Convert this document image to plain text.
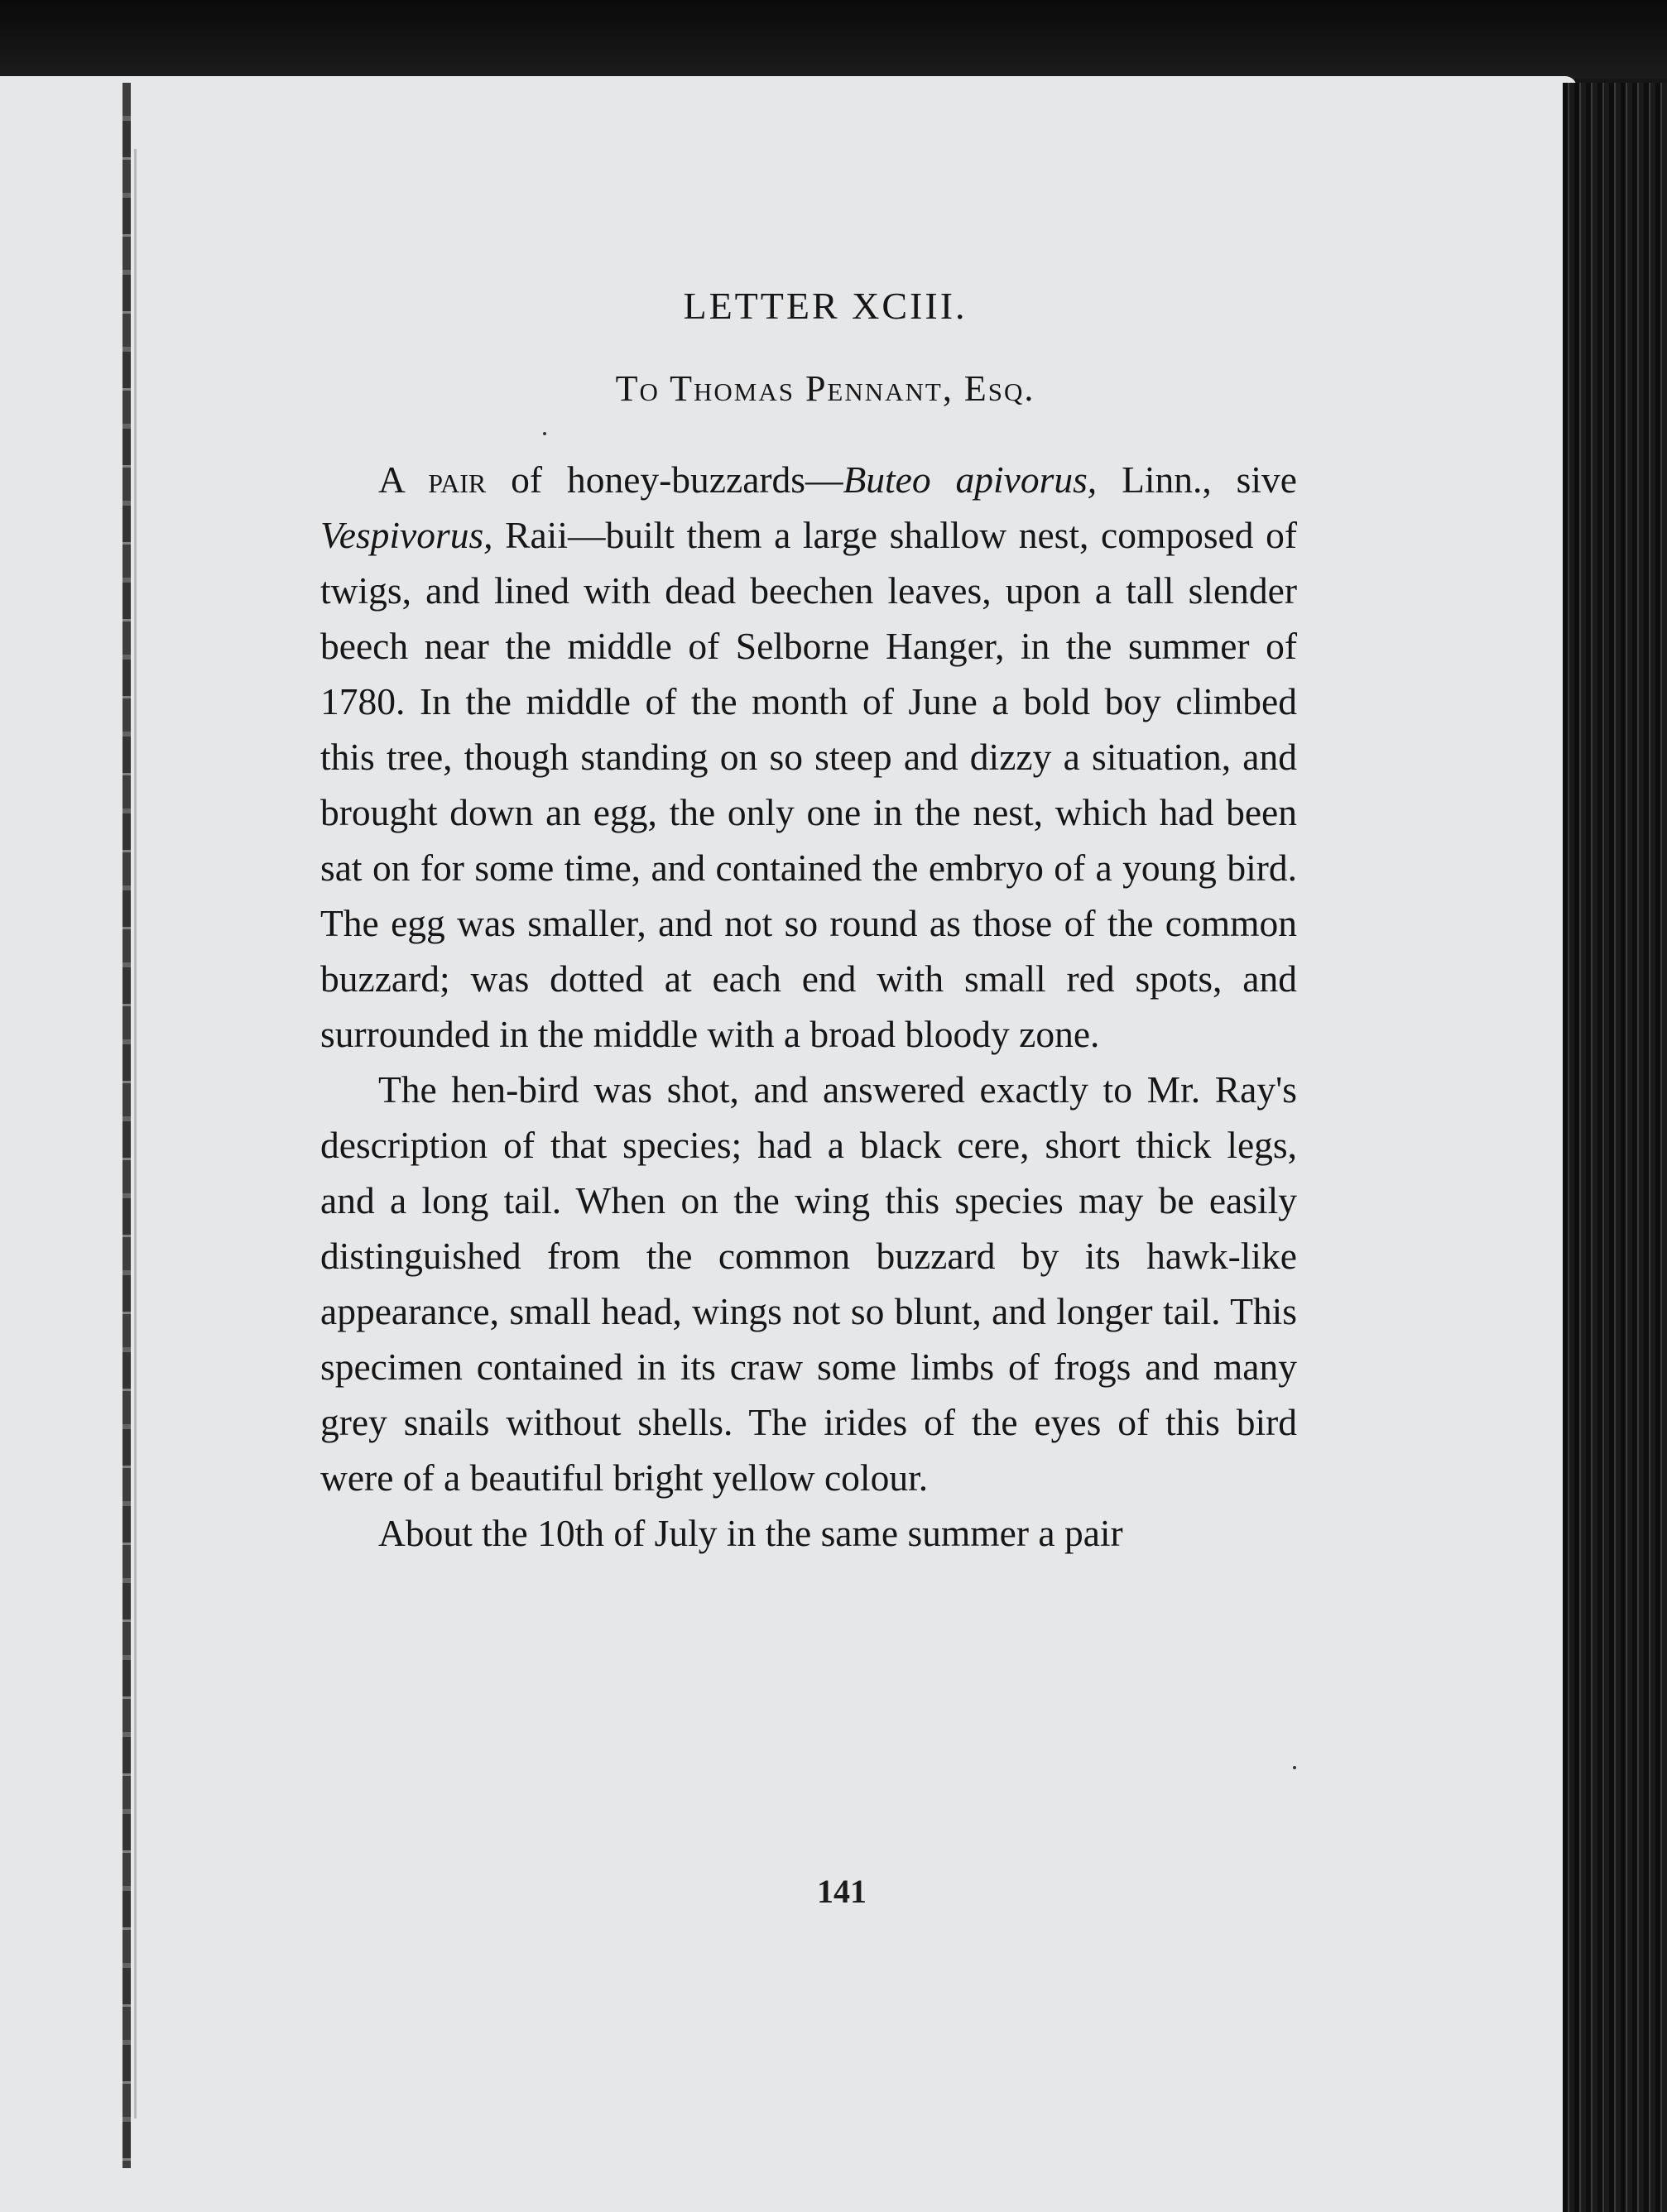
LETTER XCIII.
To Thomas Pennant, Esq.

A pair of honey-buzzards—Buteo apivorus, Linn., sive Vespivorus, Raii—built them a large shallow nest, composed of twigs, and lined with dead beechen leaves, upon a tall slender beech near the middle of Selborne Hanger, in the summer of 1780. In the middle of the month of June a bold boy climbed this tree, though standing on so steep and dizzy a situation, and brought down an egg, the only one in the nest, which had been sat on for some time, and contained the embryo of a young bird. The egg was smaller, and not so round as those of the common buzzard; was dotted at each end with small red spots, and surrounded in the middle with a broad bloody zone.

The hen-bird was shot, and answered exactly to Mr. Ray's description of that species; had a black cere, short thick legs, and a long tail. When on the wing this species may be easily distinguished from the common buzzard by its hawk-like appearance, small head, wings not so blunt, and longer tail. This specimen contained in its craw some limbs of frogs and many grey snails without shells. The irides of the eyes of this bird were of a beautiful bright yellow colour.

About the 10th of July in the same summer a pair

141
